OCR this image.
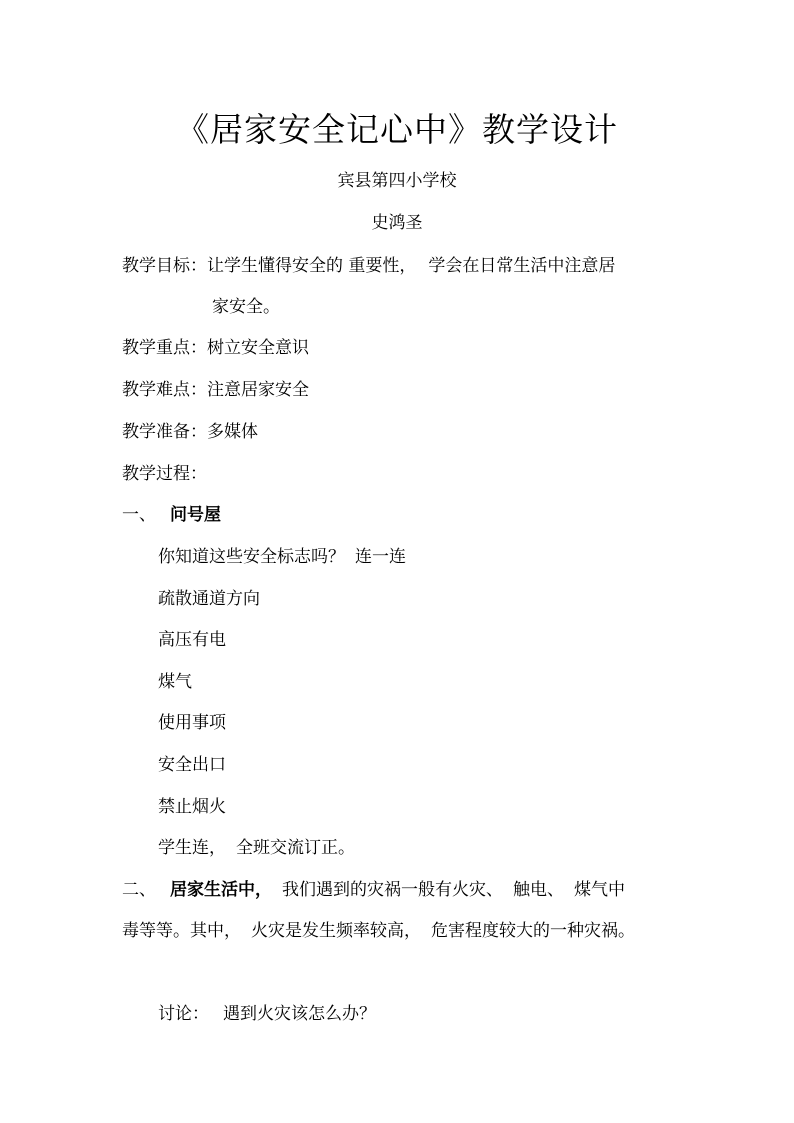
《居家安全记心中》教学设计
宾县第四小学校
史鸿圣
教学目标：让学生懂得安全的 重要性， 学会在日常生活中注意居
家安全。
教学重点：树立安全意识
教学难点：注意居家安全
教学准备：多媒体
教学过程：
一、 问号屋
你知道这些安全标志吗？ 连一连
疏散通道方向
高压有电
煤气
使用事项
安全出口
禁止烟火
学生连， 全班交流订正。
二、 居家生活中， 我们遇到的灾祸一般有火灾、 触电、 煤气中
毒等等。其中， 火灾是发生频率较高， 危害程度较大的一种灾祸。
讨论： 遇到火灾该怎么办？
